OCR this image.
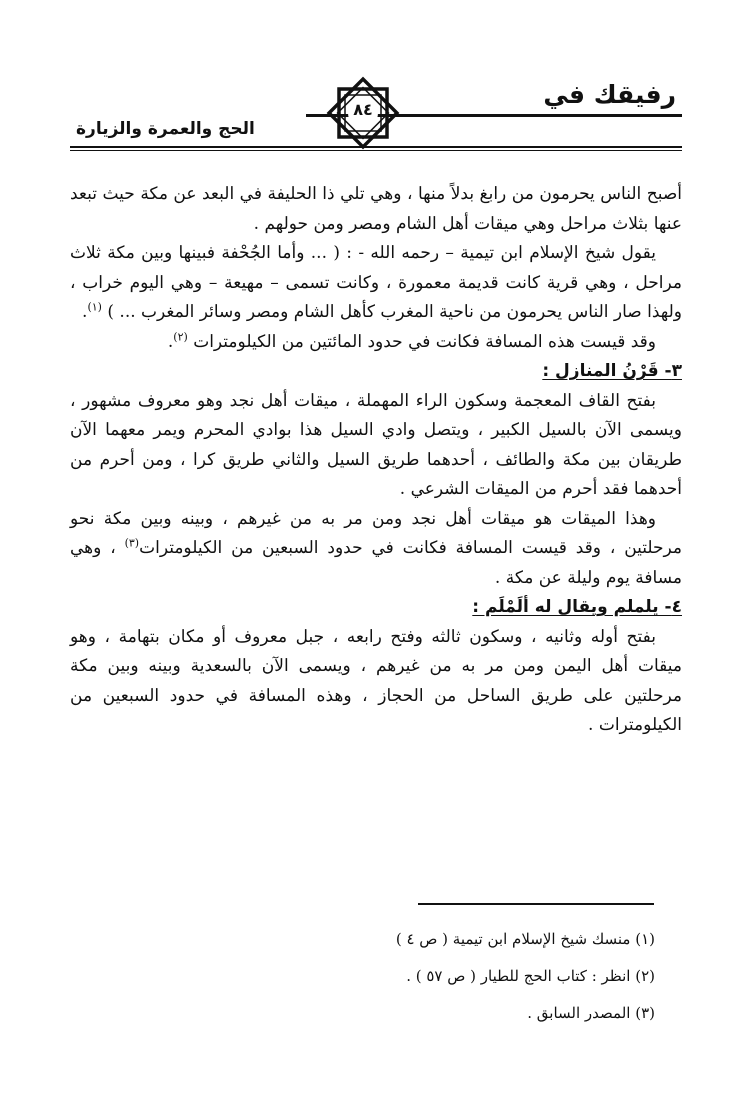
رفيقك في
الحج والعمرة والزيارة
٨٤

أصبح الناس يحرمون من رابغ بدلاً منها ، وهي تلي ذا الحليفة في البعد عن مكة حيث تبعد عنها بثلاث مراحل وهي ميقات أهل الشام ومصر ومن حولهم .

يقول شيخ الإسلام ابن تيمية – رحمه الله - : ( ... وأما الجُحْفة فبينها وبين مكة ثلاث مراحل ، وهي قرية كانت قديمة معمورة ، وكانت تسمى – مهيعة – وهي اليوم خراب ، ولهذا صار الناس يحرمون من ناحية المغرب كأهل الشام ومصر وسائر المغرب ... ) $^{(١)}$.

وقد قيست هذه المسافة فكانت في حدود المائتين من الكيلومترات $^{(٢)}$.

٣- قَرْنُ المنازل :

بفتح القاف المعجمة وسكون الراء المهملة ، ميقات أهل نجد وهو معروف مشهور ، ويسمى الآن بالسيل الكبير ، ويتصل وادي السيل هذا بوادي المحرم ويمر معهما الآن طريقان بين مكة والطائف ، أحدهما طريق السيل والثاني طريق كرا ، ومن أحرم من أحدهما فقد أحرم من الميقات الشرعي .

وهذا الميقات هو ميقات أهل نجد ومن مر به من غيرهم ، وبينه وبين مكة نحو مرحلتين ، وقد قيست المسافة فكانت في حدود السبعين من الكيلومترات$^{(٣)}$ ، وهي مسافة يوم وليلة عن مكة .

٤- يلملم ويقال له ألَمْلَم :

بفتح أوله وثانيه ، وسكون ثالثه وفتح رابعه ، جبل معروف أو مكان بتهامة ، وهو ميقات أهل اليمن ومن مر به من غيرهم ، ويسمى الآن بالسعدية وبينه وبين مكة مرحلتين على طريق الساحل من الحجاز ، وهذه المسافة في حدود السبعين من الكيلومترات .

(١) منسك شيخ الإسلام ابن تيمية ( ص ٤ )

(٢) انظر : كتاب الحج للطيار ( ص ٥٧ ) .

(٣) المصدر السابق .
